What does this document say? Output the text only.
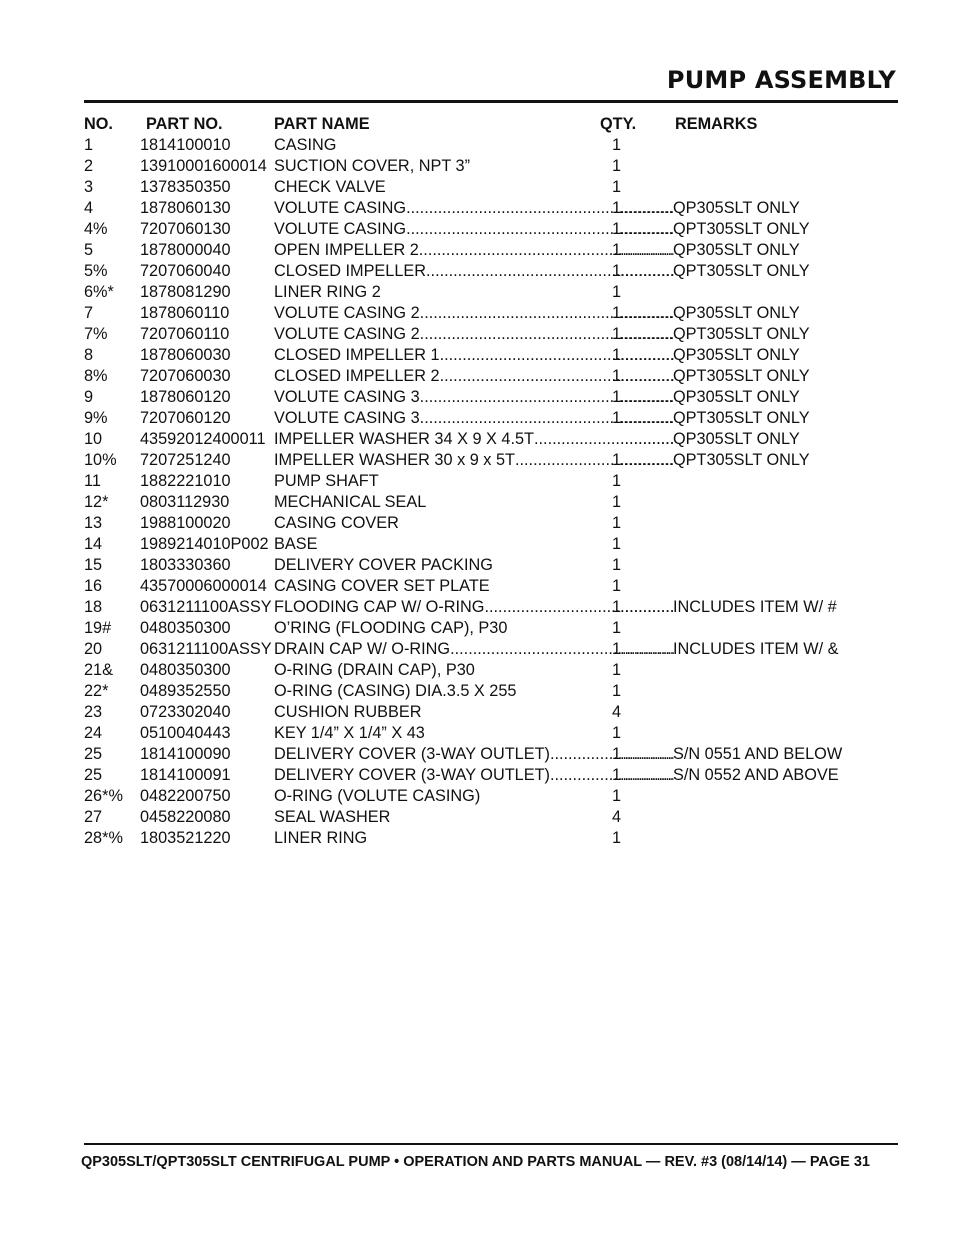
PUMP ASSEMBLY
NO. PART NO.	PART NAME	QTY. REMARKS
1	1814100010	CASING	1
2	13910001600014 SUCTION COVER, NPT 3”	1
3	1378350350	CHECK VALVE	1
4	1878060130	VOLUTE CASING .....	1 .....	QP305SLT ONLY
4% 7207060130	VOLUTE CASING .....	1 .....	QPT305SLT ONLY
5	1878000040	OPEN IMPELLER 2 .....	1 .....	QP305SLT ONLY
5% 7207060040	CLOSED IMPELLER .....	1 .....	QPT305SLT ONLY
6%* 1878081290	LINER RING 2	1
7	1878060110	VOLUTE CASING 2 .....	1 .....	QP305SLT ONLY
7% 7207060110	VOLUTE CASING 2 .....	1 .....	QPT305SLT ONLY
8	1878060030	CLOSED IMPELLER 1 .....	1 .....	QP305SLT ONLY
8% 7207060030	CLOSED IMPELLER 2 .....	1 .....	QPT305SLT ONLY
9	1878060120	VOLUTE CASING 3 .....	1 .....	QP305SLT ONLY
9% 7207060120	VOLUTE CASING 3 .....	1 .....	QPT305SLT ONLY
10 43592012400011 IMPELLER WASHER 34 X 9 X 4.5T ..... .....	QP305SLT ONLY
10% 7207251240	IMPELLER WASHER 30 x 9 x 5T .....	1 .....	QPT305SLT ONLY
11 1882221010	PUMP SHAFT	1
12* 0803112930	MECHANICAL SEAL	1
13 1988100020	CASING COVER	1
14 1989214010P002 BASE	1
15 1803330360	DELIVERY COVER PACKING	1
16 43570006000014 CASING COVER SET PLATE	1
18 0631211100ASSY FLOODING CAP W/ O-RING .....	1 .....	INCLUDES ITEM W/ #
19# 0480350300	O’RING (FLOODING CAP), P30	1
20 0631211100ASSY DRAIN CAP W/ O-RING .....	1 .....	INCLUDES ITEM W/ &
21& 0480350300	O-RING (DRAIN CAP), P30	1
22* 0489352550	O-RING (CASING) DIA.3.5 X 255	1
23 0723302040	CUSHION RUBBER	4
24 0510040443	KEY 1/4” X 1/4” X 43	1
25 1814100090	DELIVERY COVER (3-WAY OUTLET) .....	1 .....	S/N 0551 AND BELOW
25 1814100091	DELIVERY COVER (3-WAY OUTLET) .....	1 .....	S/N 0552 AND ABOVE
26*% 0482200750	O-RING (VOLUTE CASING)	1
27 0458220080	SEAL WASHER	4
28*% 1803521220	LINER RING	1
QP305SLT/QPT305SLT CENTRIFUGAL PUMP • OPERATION AND PARTS MANUAL — REV. #3 (08/14/14) — PAGE 31
